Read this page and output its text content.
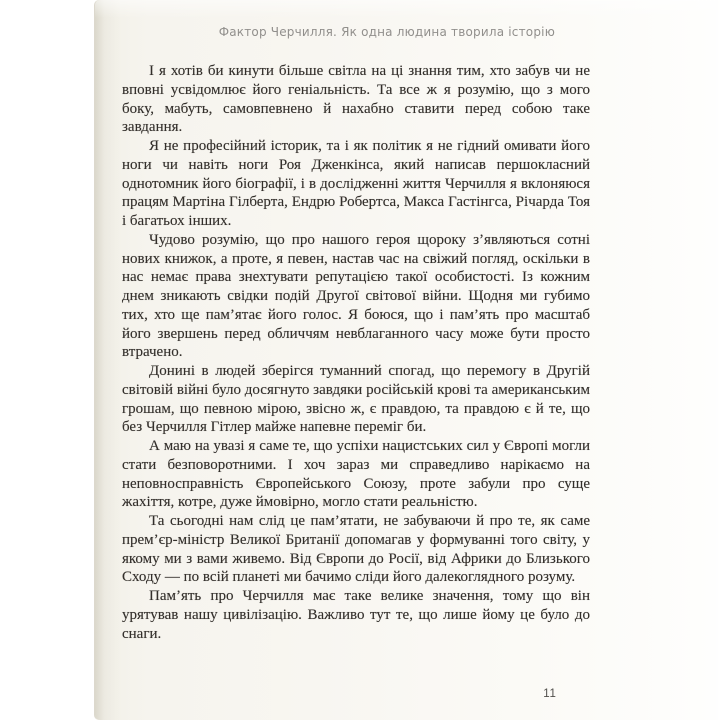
Фактор Черчилля. Як одна людина творила історію

І я хотів би кинути більше світла на ці знання тим, хто забув чи не вповні усвідомлює його геніальність. Та все ж я розумію, що з мого боку, мабуть, самовпевнено й нахабно ставити перед собою таке завдання.

Я не професійний історик, та і як політик я не гідний омивати його ноги чи навіть ноги Роя Дженкінса, який написав першокласний однотомник його біографії, і в дослідженні життя Черчилля я вклоняюся працям Мартіна Гілберта, Ендрю Робертса, Макса Гастінгса, Річарда Тоя і багатьох інших.

Чудово розумію, що про нашого героя щороку з’являються сотні нових книжок, а проте, я певен, настав час на свіжий погляд, оскільки в нас немає права знехтувати репутацією такої особистості. Із кожним днем зникають свідки подій Другої світової війни. Щодня ми губимо тих, хто ще пам’ятає його голос. Я боюся, що і пам’ять про масштаб його звершень перед обличчям невблаганного часу може бути просто втрачено.

Донині в людей зберігся туманний спогад, що перемогу в Другій світовій війні було досягнуто завдяки російській крові та американським грошам, що певною мірою, звісно ж, є правдою, та правдою є й те, що без Черчилля Гітлер майже напевне переміг би.

А маю на увазі я саме те, що успіхи нацистських сил у Європі могли стати безповоротними. І хоч зараз ми справедливо нарікаємо на неповносправність Європейського Союзу, проте забули про суще жахіття, котре, дуже ймовірно, могло стати реальністю.

Та сьогодні нам слід це пам’ятати, не забуваючи й про те, як саме прем’єр-міністр Великої Британії допомагав у формуванні того світу, у якому ми з вами живемо. Від Європи до Росії, від Африки до Близького Сходу — по всій планеті ми бачимо сліди його далекоглядного розуму.

Пам’ять про Черчилля має таке велике значення, тому що він урятував нашу цивілізацію. Важливо тут те, що лише йому це було до снаги.

11
